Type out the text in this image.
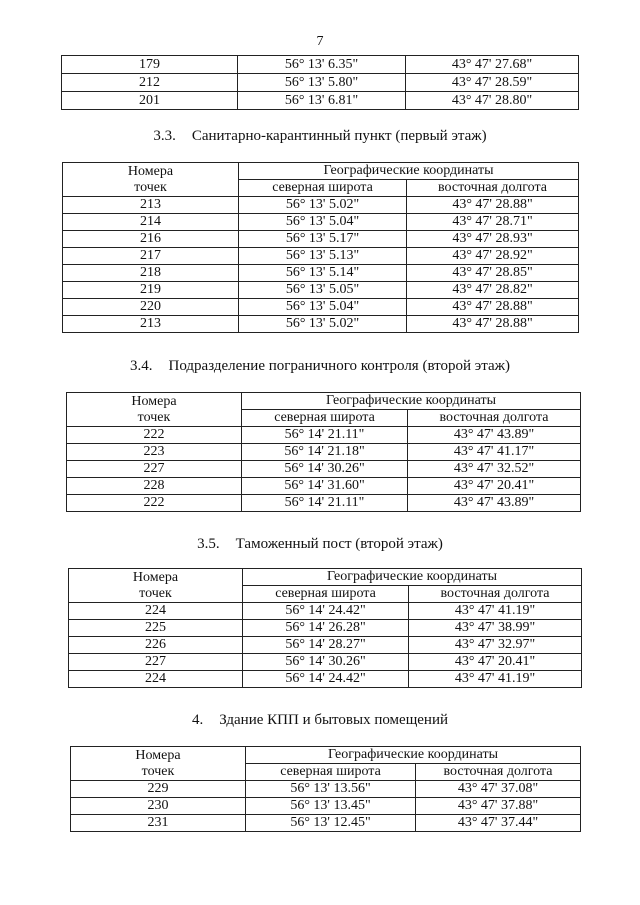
7
179	56° 13' 6.35"	43° 47' 27.68"
212	56° 13' 5.80"	43° 47' 28.59"
201	56° 13' 6.81"	43° 47' 28.80"
3.3. Санитарно-карантинный пункт (первый этаж)
Номера
точек	Географические координаты	
	северная широта	восточная долгота
213	56° 13' 5.02"	43° 47' 28.88"
214	56° 13' 5.04"	43° 47' 28.71"
216	56° 13' 5.17"	43° 47' 28.93"
217	56° 13' 5.13"	43° 47' 28.92"
218	56° 13' 5.14"	43° 47' 28.85"
219	56° 13' 5.05"	43° 47' 28.82"
220	56° 13' 5.04"	43° 47' 28.88"
213	56° 13' 5.02"	43° 47' 28.88"
3.4. Подразделение пограничного контроля (второй этаж)
Номера
точек	Географические координаты	
	северная широта	восточная долгота
222	56° 14' 21.11"	43° 47' 43.89"
223	56° 14' 21.18"	43° 47' 41.17"
227	56° 14' 30.26"	43° 47' 32.52"
228	56° 14' 31.60"	43° 47' 20.41"
222	56° 14' 21.11"	43° 47' 43.89"
3.5. Таможенный пост (второй этаж)
Номера
точек	Географические координаты	
	северная широта	восточная долгота
224	56° 14' 24.42"	43° 47' 41.19"
225	56° 14' 26.28"	43° 47' 38.99"
226	56° 14' 28.27"	43° 47' 32.97"
227	56° 14' 30.26"	43° 47' 20.41"
224	56° 14' 24.42"	43° 47' 41.19"
4. Здание КПП и бытовых помещений
Номера
точек	Географические координаты	
	северная широта	восточная долгота
229	56° 13' 13.56"	43° 47' 37.08"
230	56° 13' 13.45"	43° 47' 37.88"
231	56° 13' 12.45"	43° 47' 37.44"
